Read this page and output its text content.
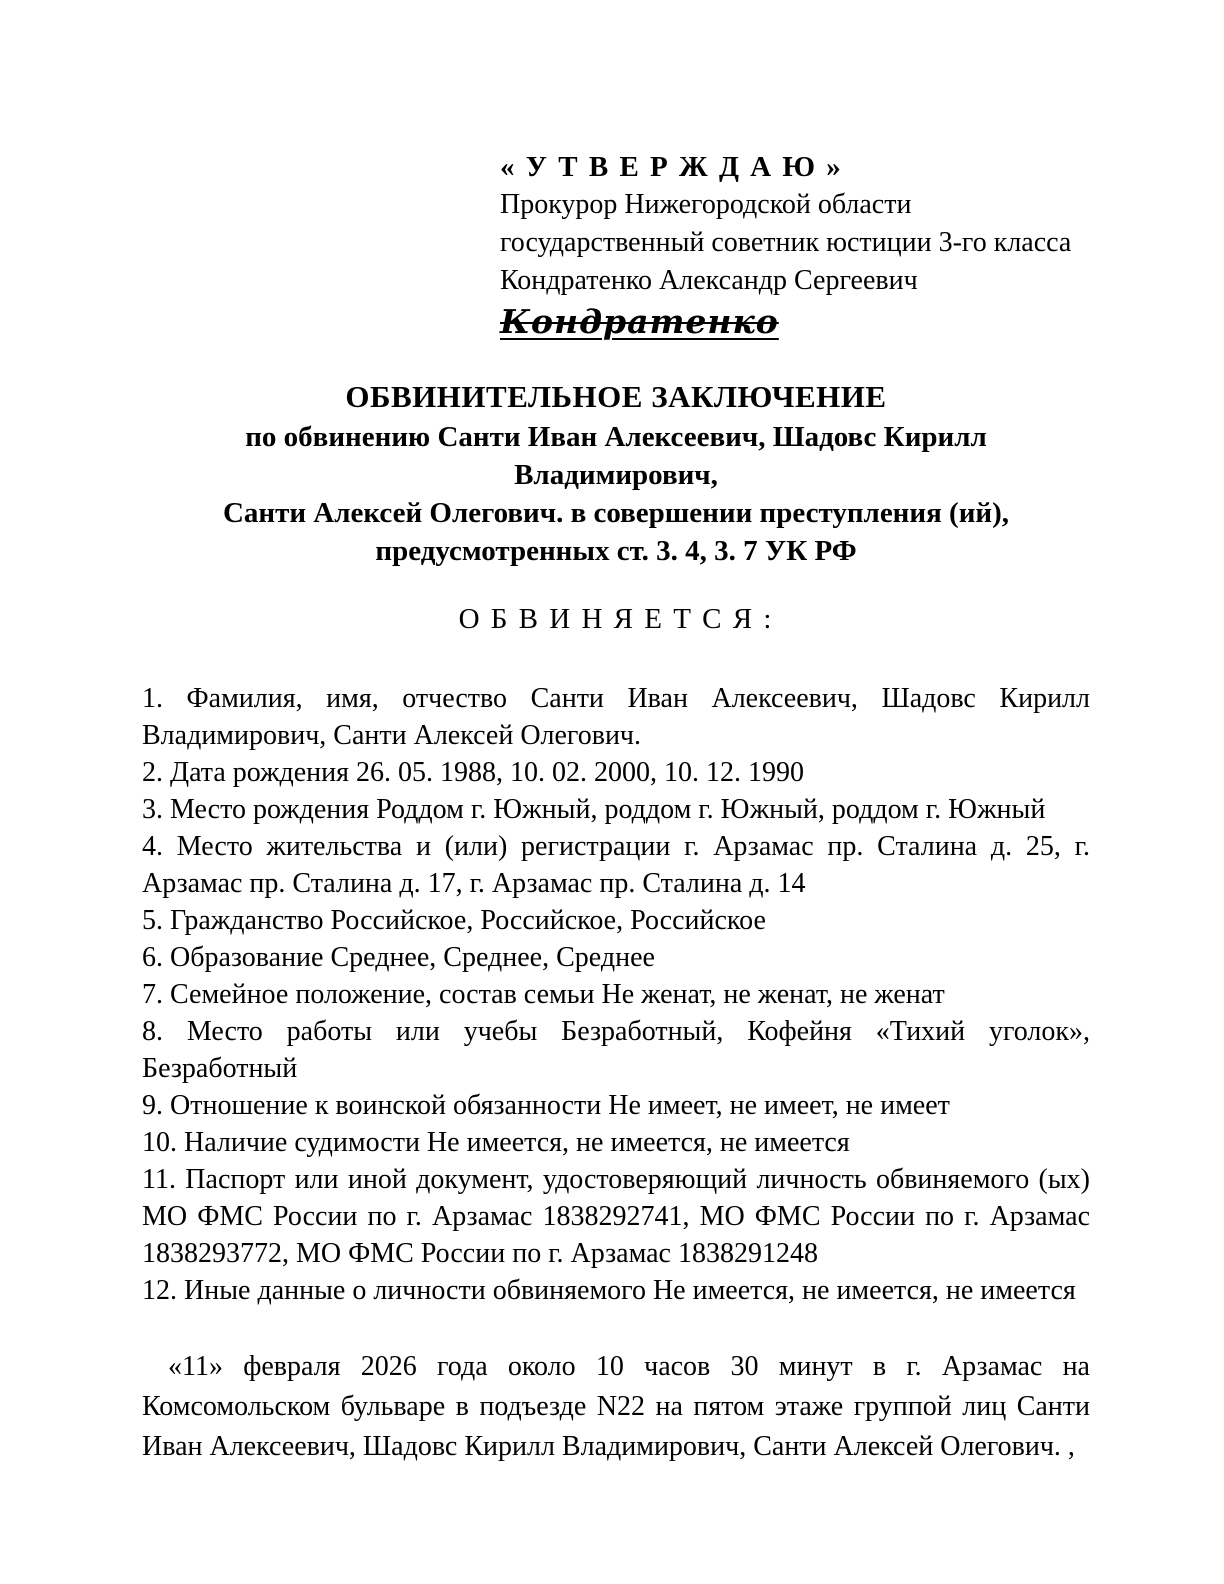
« У Т В Е Р Ж Д А Ю »
Прокурор Нижегородской области
государственный советник юстиции 3-го класса
Кондратенко Александр Сергеевич
Кондратенко
ОБВИНИТЕЛЬНОЕ ЗАКЛЮЧЕНИЕ
по обвинению Санти Иван Алексеевич, Шадовс Кирилл Владимирович,
Санти Алексей Олегович. в совершении преступления (ий),
предусмотренных ст. 3. 4, 3. 7 УК РФ
О Б В И Н Я Е Т С Я :

1. Фамилия, имя, отчество Санти Иван Алексеевич, Шадовс Кирилл Владимирович, Санти Алексей Олегович.

2. Дата рождения 26. 05. 1988, 10. 02. 2000, 10. 12. 1990

3. Место рождения Роддом г. Южный, роддом г. Южный, роддом г. Южный

4. Место жительства и (или) регистрации г. Арзамас пр. Сталина д. 25, г. Арзамас пр. Сталина д. 17, г. Арзамас пр. Сталина д. 14

5. Гражданство Российское, Российское, Российское

6. Образование Среднее, Среднее, Среднее

7. Семейное положение, состав семьи Не женат, не женат, не женат

8. Место работы или учебы Безработный, Кофейня «Тихий уголок», Безработный

9. Отношение к воинской обязанности Не имеет, не имеет, не имеет

10. Наличие судимости Не имеется, не имеется, не имеется

11. Паспорт или иной документ, удостоверяющий личность обвиняемого (ых) МО ФМС России по г. Арзамас 1838292741, МО ФМС России по г. Арзамас 1838293772, МО ФМС России по г. Арзамас 1838291248

12. Иные данные о личности обвиняемого Не имеется, не имеется, не имеется

«11» февраля 2026 года около 10 часов 30 минут в г. Арзамас на Комсомольском бульваре в подъезде N22 на пятом этаже группой лиц Санти Иван Алексеевич, Шадовс Кирилл Владимирович, Санти Алексей Олегович. ,
